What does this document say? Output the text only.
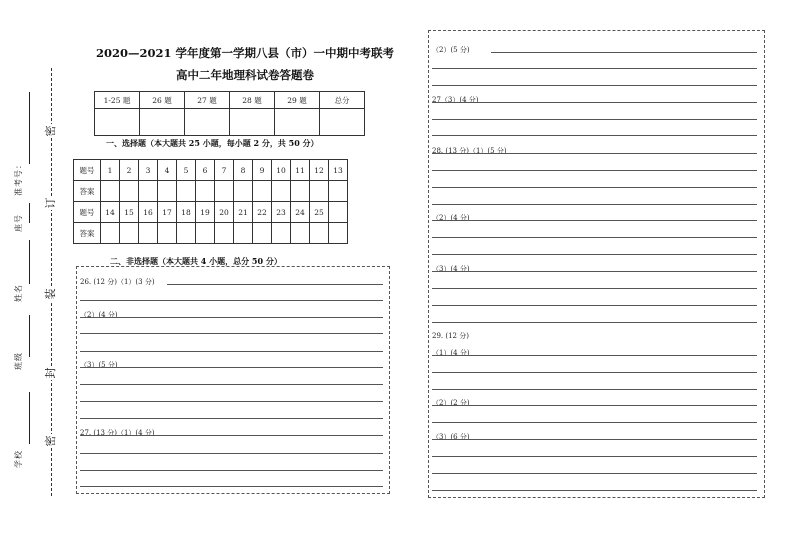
密
订
装
封
密
准考号：
座号
姓名
班级
学校
2020—2021 学年度第一学期八县（市）一中期中考联考
高中二年地理科试卷答题卷
1-25 题	26 题	27 题	28 题	29 题	总分

一、选择题（本大题共 25 小题，每小题 2 分，共 50 分）
题号	1	2	3	4	5	6	7	8	9	10	11	12	13
答案													
题号	14	15	16	17	18	19	20	21	22	23	24	25	
答案													
二、非选择题（本大题共 4 小题，总分 50 分）
26. (12 分)（1）(3 分)
（2）(4 分)
（3）(5 分)
27. (13 分)（1）(4 分)
（2）(5 分)
27（3）(4 分)
28. (13 分)（1）(5 分)
（2）(4 分)
（3）(4 分)
29. (12 分)
（1）(4 分)
（2）(2 分)
（3）(6 分)
